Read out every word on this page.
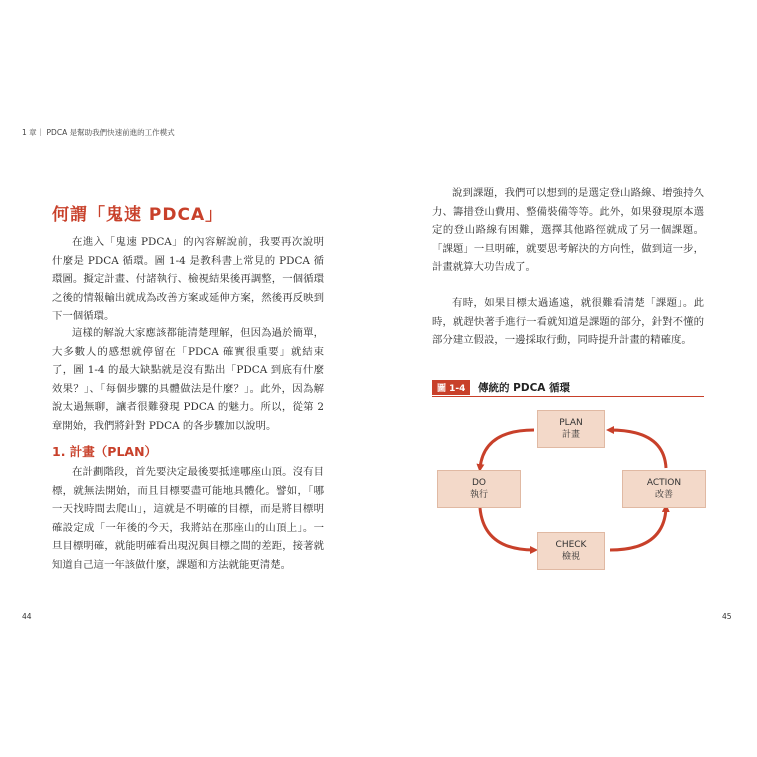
1 章｜ PDCA 是幫助我們快速前進的工作模式
何謂「鬼速 PDCA」

在進入「鬼速 PDCA」的內容解說前，我要再次說明什麼是 PDCA 循環。圖 1-4 是教科書上常見的 PDCA 循環圖。擬定計畫、付諸執行、檢視結果後再調整，一個循環之後的情報輸出就成為改善方案或延伸方案，然後再反映到下一個循環。

這樣的解說大家應該都能清楚理解，但因為過於簡單，大多數人的感想就停留在「PDCA 確實很重要」就結束了，圖 1-4 的最大缺點就是沒有點出「PDCA 到底有什麼效果？」、「每個步驟的具體做法是什麼？」。此外，因為解說太過無聊，讓者很難發現 PDCA 的魅力。所以，從第 2 章開始，我們將針對 PDCA 的各步驟加以說明。

1. 計畫（PLAN）

在計劃階段，首先要決定最後要抵達哪座山頂。沒有目標，就無法開始，而且目標要盡可能地具體化。譬如，「哪一天找時間去爬山」，這就是不明確的目標，而是將目標明確設定成「一年後的今天，我將站在那座山的山頂上」。一旦目標明確，就能明確看出現況與目標之間的差距，接著就知道自己這一年該做什麼，課題和方法就能更清楚。

44

說到課題，我們可以想到的是選定登山路線、增強持久力、籌措登山費用、整備裝備等等。此外，如果發現原本選定的登山路線有困難，選擇其他路徑就成了另一個課題。「課題」一旦明確，就要思考解決的方向性，做到這一步，計畫就算大功告成了。

有時，如果目標太過遙遠，就很難看清楚「課題」。此時，就趕快著手進行一看就知道是課題的部分，針對不懂的部分建立假設，一邊採取行動，同時提升計畫的精確度。

圖 1-4	傳統的 PDCA 循環
PLAN
計畫
DO
執行
ACTION
改善
CHECK
檢視
45
